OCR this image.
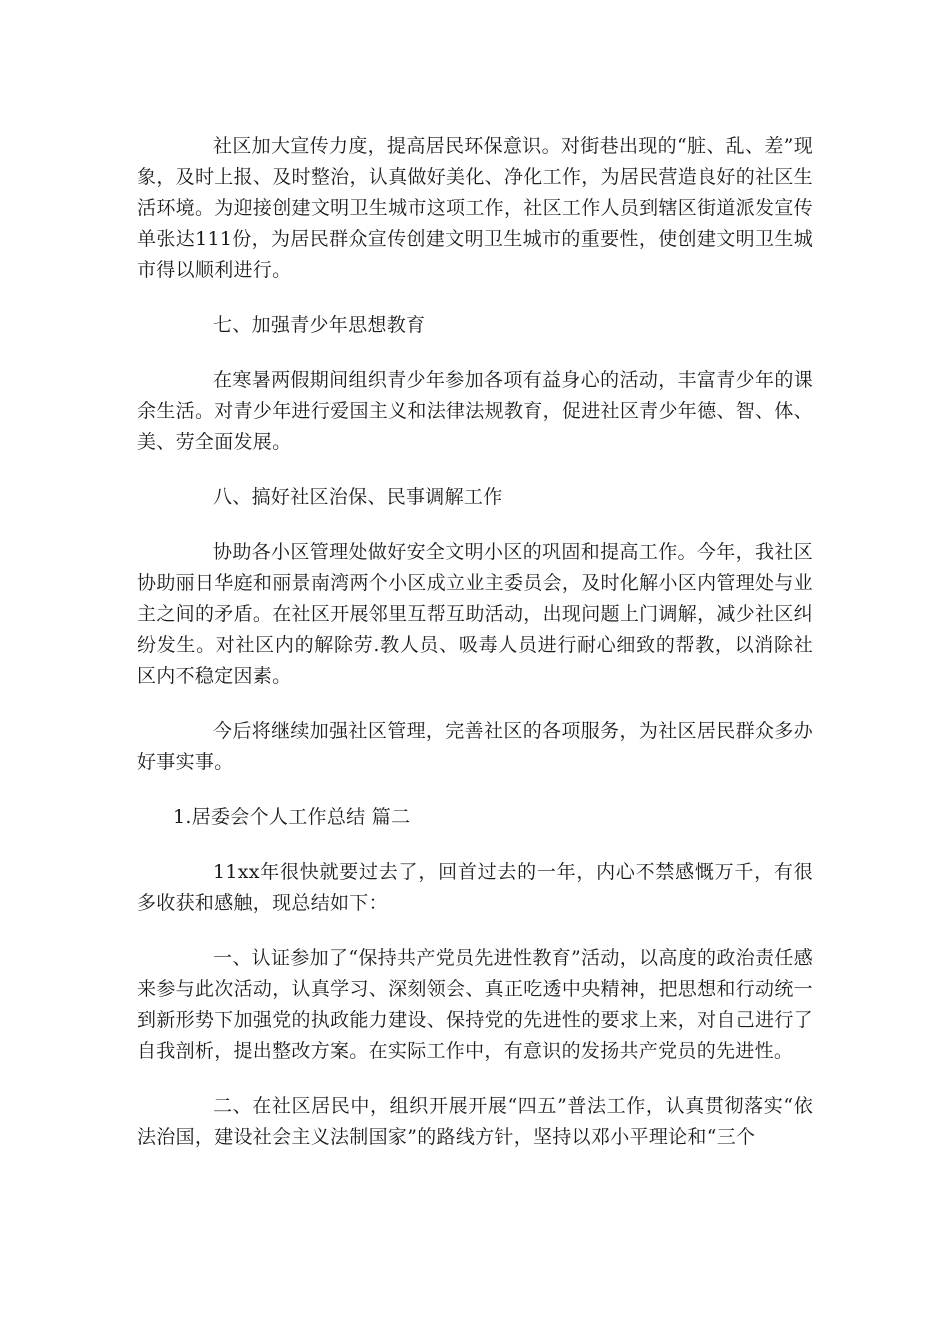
社区加大宣传力度，提高居民环保意识。对街巷出现的“脏、乱、差”现象，及时上报、及时整治，认真做好美化、净化工作，为居民营造良好的社区生活环境。为迎接创建文明卫生城市这项工作，社区工作人员到辖区街道派发宣传单张达111份，为居民群众宣传创建文明卫生城市的重要性，使创建文明卫生城市得以顺利进行。

七、加强青少年思想教育

在寒暑两假期间组织青少年参加各项有益身心的活动，丰富青少年的课余生活。对青少年进行爱国主义和法律法规教育，促进社区青少年德、智、体、美、劳全面发展。

八、搞好社区治保、民事调解工作

协助各小区管理处做好安全文明小区的巩固和提高工作。今年，我社区协助丽日华庭和丽景南湾两个小区成立业主委员会，及时化解小区内管理处与业主之间的矛盾。在社区开展邻里互帮互助活动，出现问题上门调解，减少社区纠纷发生。对社区内的解除劳.教人员、吸毒人员进行耐心细致的帮教，以消除社区内不稳定因素。

今后将继续加强社区管理，完善社区的各项服务，为社区居民群众多办好事实事。

1.居委会个人工作总结 篇二

11xx年很快就要过去了，回首过去的一年，内心不禁感慨万千，有很多收获和感触，现总结如下：

一、认证参加了“保持共产党员先进性教育”活动，以高度的政治责任感来参与此次活动，认真学习、深刻领会、真正吃透中央精神，把思想和行动统一到新形势下加强党的执政能力建设、保持党的先进性的要求上来，对自己进行了自我剖析，提出整改方案。在实际工作中，有意识的发扬共产党员的先进性。

二、在社区居民中，组织开展开展“四五”普法工作，认真贯彻落实“依法治国，建设社会主义法制国家”的路线方针，坚持以邓小平理论和“三个
